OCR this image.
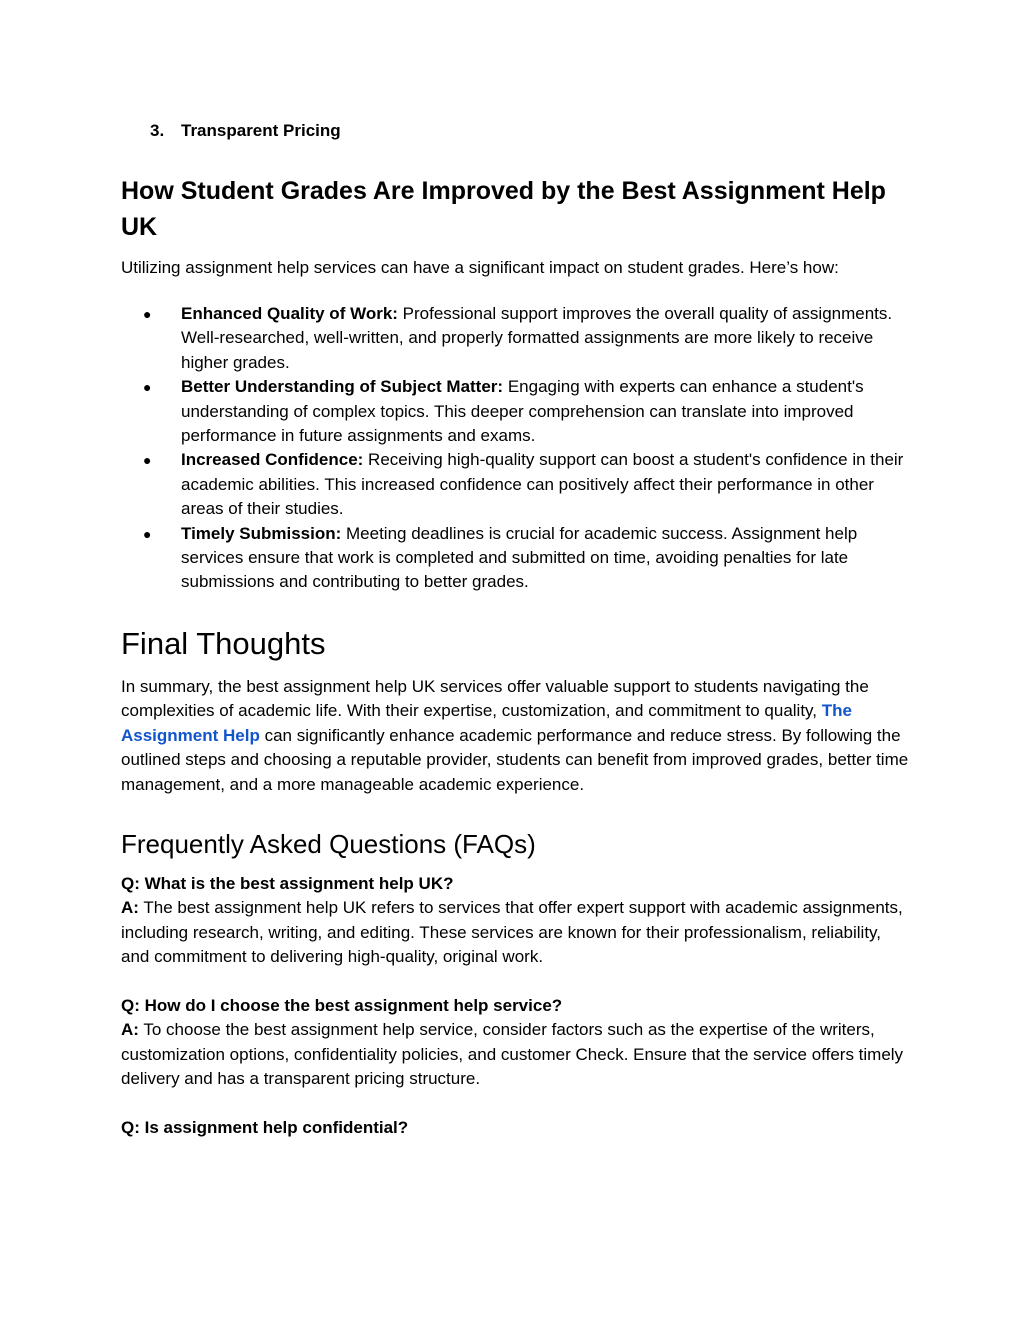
3. Transparent Pricing
How Student Grades Are Improved by the Best Assignment Help UK

Utilizing assignment help services can have a significant impact on student grades. Here’s how:

● Enhanced Quality of Work: Professional support improves the overall quality of assignments. Well-researched, well-written, and properly formatted assignments are more likely to receive higher grades.
● Better Understanding of Subject Matter: Engaging with experts can enhance a student's understanding of complex topics. This deeper comprehension can translate into improved performance in future assignments and exams.
● Increased Confidence: Receiving high-quality support can boost a student's confidence in their academic abilities. This increased confidence can positively affect their performance in other areas of their studies.
● Timely Submission: Meeting deadlines is crucial for academic success. Assignment help services ensure that work is completed and submitted on time, avoiding penalties for late submissions and contributing to better grades.
Final Thoughts

In summary, the best assignment help UK services offer valuable support to students navigating the complexities of academic life. With their expertise, customization, and commitment to quality, The Assignment Help can significantly enhance academic performance and reduce stress. By following the outlined steps and choosing a reputable provider, students can benefit from improved grades, better time management, and a more manageable academic experience.

Frequently Asked Questions (FAQs)

Q: What is the best assignment help UK?
A: The best assignment help UK refers to services that offer expert support with academic assignments, including research, writing, and editing. These services are known for their professionalism, reliability, and commitment to delivering high-quality, original work.

Q: How do I choose the best assignment help service?
A: To choose the best assignment help service, consider factors such as the expertise of the writers, customization options, confidentiality policies, and customer Check. Ensure that the service offers timely delivery and has a transparent pricing structure.

Q: Is assignment help confidential?
